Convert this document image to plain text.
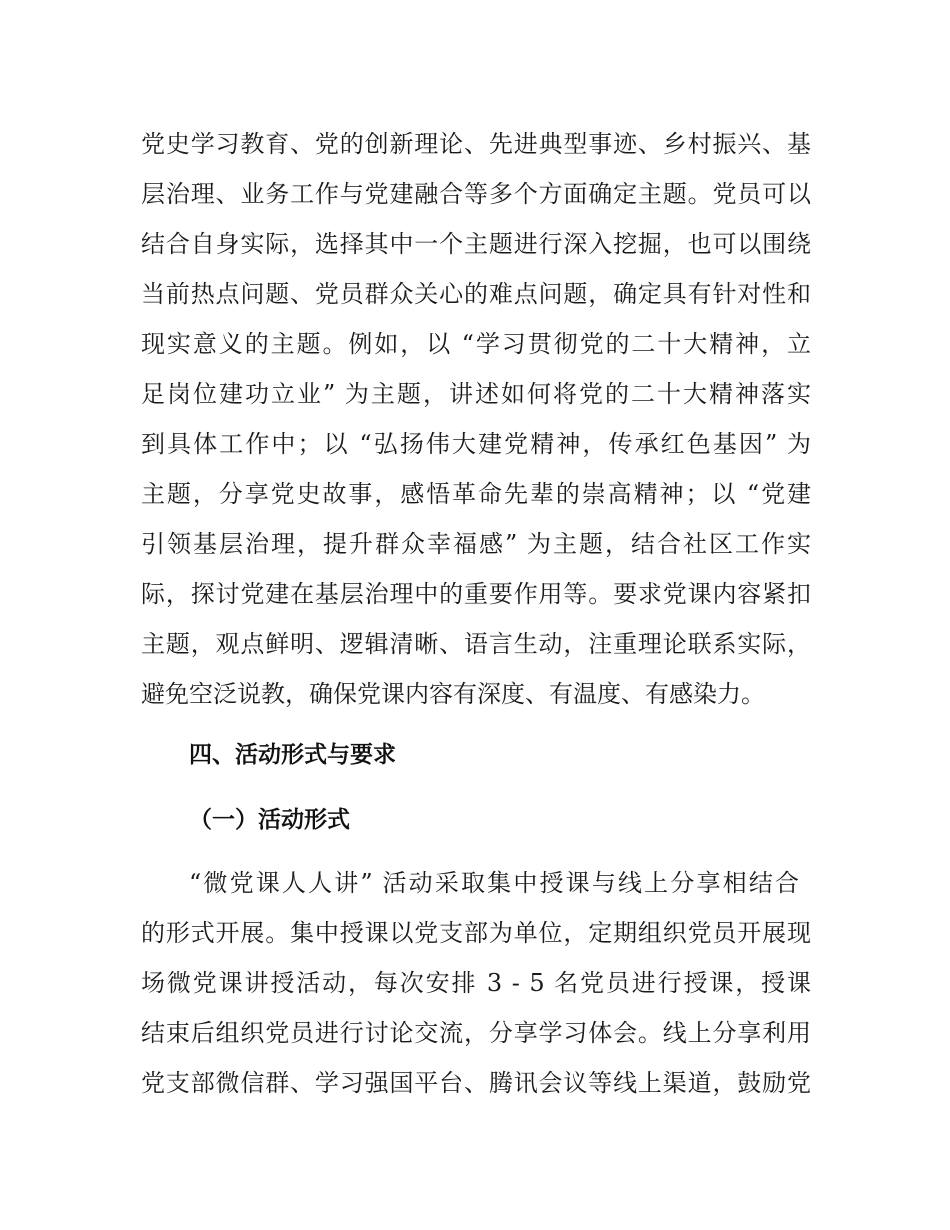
党史学习教育、党的创新理论、先进典型事迹、乡村振兴、基
层治理、业务工作与党建融合等多个方面确定主题。党员可以
结合自身实际，选择其中一个主题进行深入挖掘，也可以围绕
当前热点问题、党员群众关心的难点问题，确定具有针对性和
现实意义的主题。例如，以 “学习贯彻党的二十大精神，立
足岗位建功立业” 为主题，讲述如何将党的二十大精神落实
到具体工作中；以 “弘扬伟大建党精神，传承红色基因” 为
主题，分享党史故事，感悟革命先辈的崇高精神；以 “党建
引领基层治理，提升群众幸福感” 为主题，结合社区工作实
际，探讨党建在基层治理中的重要作用等。要求党课内容紧扣
主题，观点鲜明、逻辑清晰、语言生动，注重理论联系实际，
避免空泛说教，确保党课内容有深度、有温度、有感染力。
四、活动形式与要求
（一）活动形式
“微党课人人讲” 活动采取集中授课与线上分享相结合
的形式开展。集中授课以党支部为单位，定期组织党员开展现
场微党课讲授活动，每次安排 3 - 5 名党员进行授课，授课
结束后组织党员进行讨论交流，分享学习体会。线上分享利用
党支部微信群、学习强国平台、腾讯会议等线上渠道，鼓励党
